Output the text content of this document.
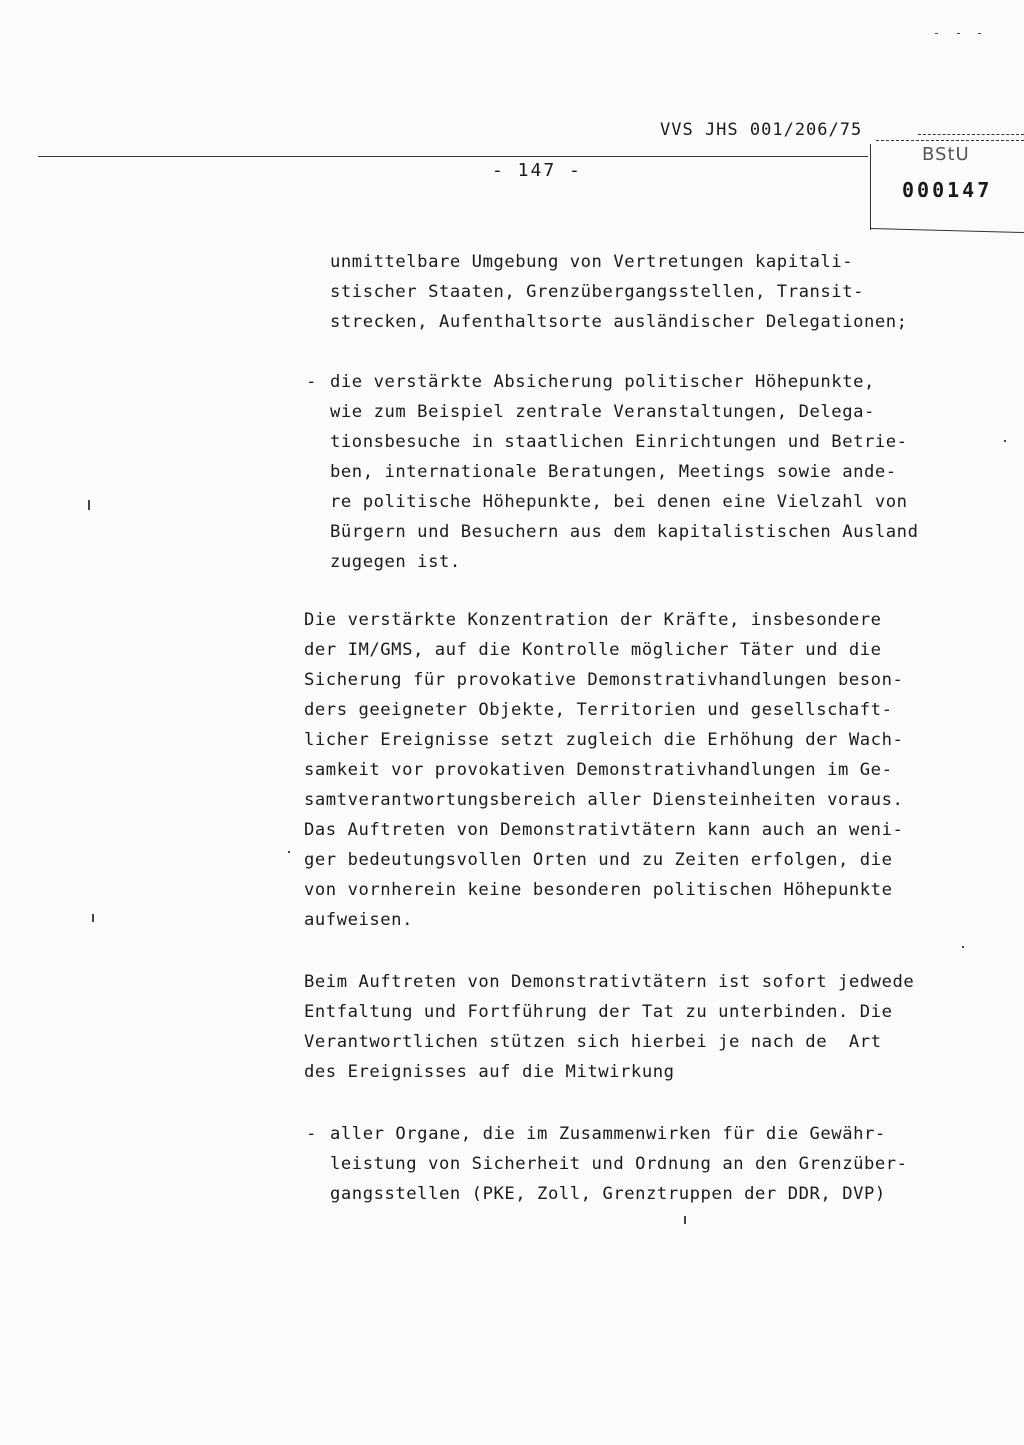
VVS JHS 001/206/75
- 147 -
BStU
000147
unmittelbare Umgebung von Vertretungen kapitali-
stischer Staaten, Grenzübergangsstellen, Transit-
strecken, Aufenthaltsorte ausländischer Delegationen;
- die verstärkte Absicherung politischer Höhepunkte,
wie zum Beispiel zentrale Veranstaltungen, Delega-
tionsbesuche in staatlichen Einrichtungen und Betrie-
ben, internationale Beratungen, Meetings sowie ande-
re politische Höhepunkte, bei denen eine Vielzahl von
Bürgern und Besuchern aus dem kapitalistischen Ausland
zugegen ist.
Die verstärkte Konzentration der Kräfte, insbesondere
der IM/GMS, auf die Kontrolle möglicher Täter und die
Sicherung für provokative Demonstrativhandlungen beson-
ders geeigneter Objekte, Territorien und gesellschaft-
licher Ereignisse setzt zugleich die Erhöhung der Wach-
samkeit vor provokativen Demonstrativhandlungen im Ge-
samtverantwortungsbereich aller Diensteinheiten voraus.
Das Auftreten von Demonstrativtätern kann auch an weni-
ger bedeutungsvollen Orten und zu Zeiten erfolgen, die
von vornherein keine besonderen politischen Höhepunkte
aufweisen.
Beim Auftreten von Demonstrativtätern ist sofort jedwede
Entfaltung und Fortführung der Tat zu unterbinden. Die
Verantwortlichen stützen sich hierbei je nach de  Art
des Ereignisses auf die Mitwirkung
- aller Organe, die im Zusammenwirken für die Gewähr-
leistung von Sicherheit und Ordnung an den Grenzüber-
gangsstellen (PKE, Zoll, Grenztruppen der DDR, DVP)
